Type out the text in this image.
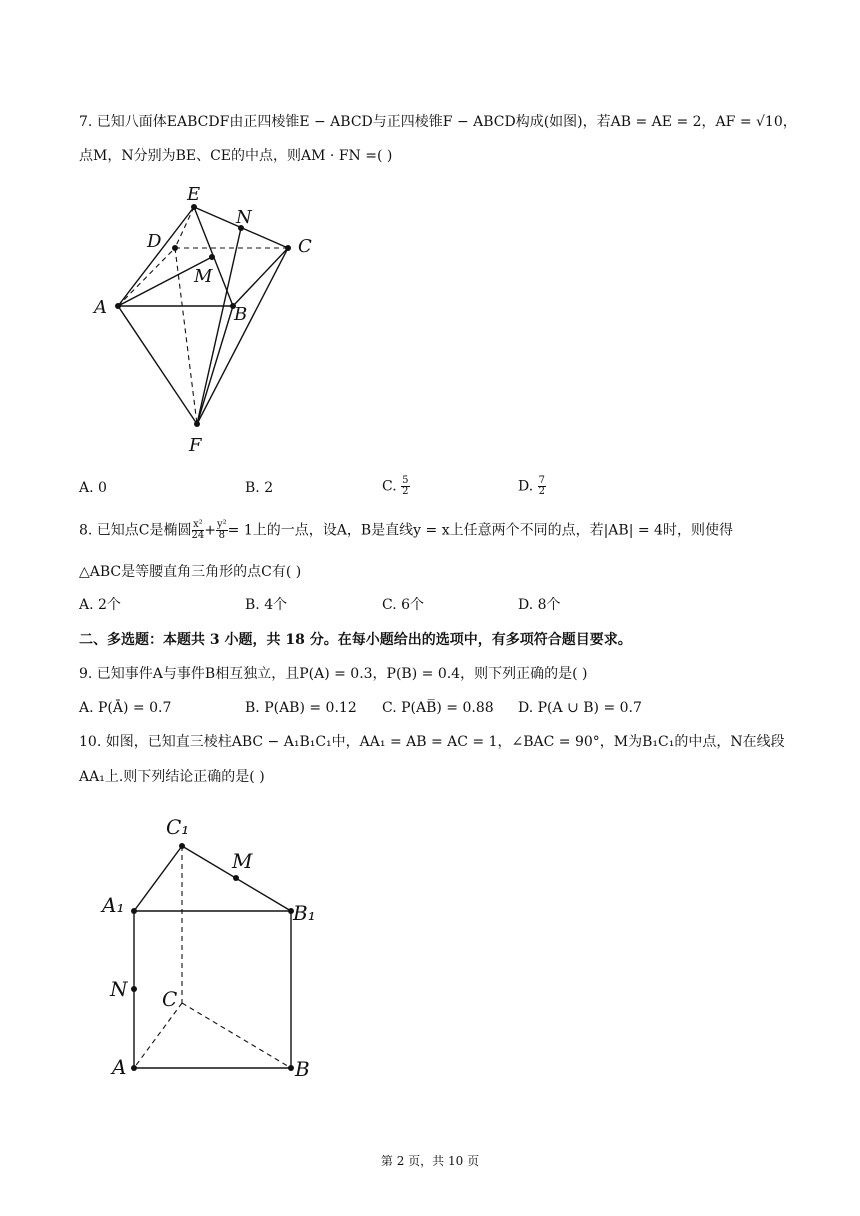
7. 已知八面体EABCDF由正四棱锥E − ABCD与正四棱锥F − ABCD构成(如图)，若AB = AE = 2，AF = √10，
点M，N分别为BE、CE的中点，则AM · FN =( )
E
N
D	C
M
A	B
F
A. 0	B. 2	C. $\frac{5}{2}$	D. $\frac{7}{2}$
8. 已知点C是椭圆 $\frac{\text{x²}}{24} + \frac{\text{y²}}{8} = 1$上的一点，设A，B是直线y = x上任意两个不同的点，若|AB| = 4时，则使得
△ABC是等腰直角三角形的点C有( )
A. 2个	B. 4个	C. 6个	D. 8个
二、多选题：本题共 3 小题，共 18 分。在每小题给出的选项中，有多项符合题目要求。
9. 已知事件A与事件B相互独立，且P(A) = 0.3，P(B) = 0.4，则下列正确的是( )
A. P(Ā) = 0.7	B. P(AB) = 0.12 C. P(AB̅) = 0.88 D. P(A ∪ B) = 0.7
10. 如图，已知直三棱柱ABC − A₁B₁C₁中，AA₁ = AB = AC = 1，∠BAC = 90°，M为B₁C₁的中点，N在线段
AA₁上.则下列结论正确的是( )
C₁
M
A₁	B₁
N C
A	B
第 2 页，共 10 页
